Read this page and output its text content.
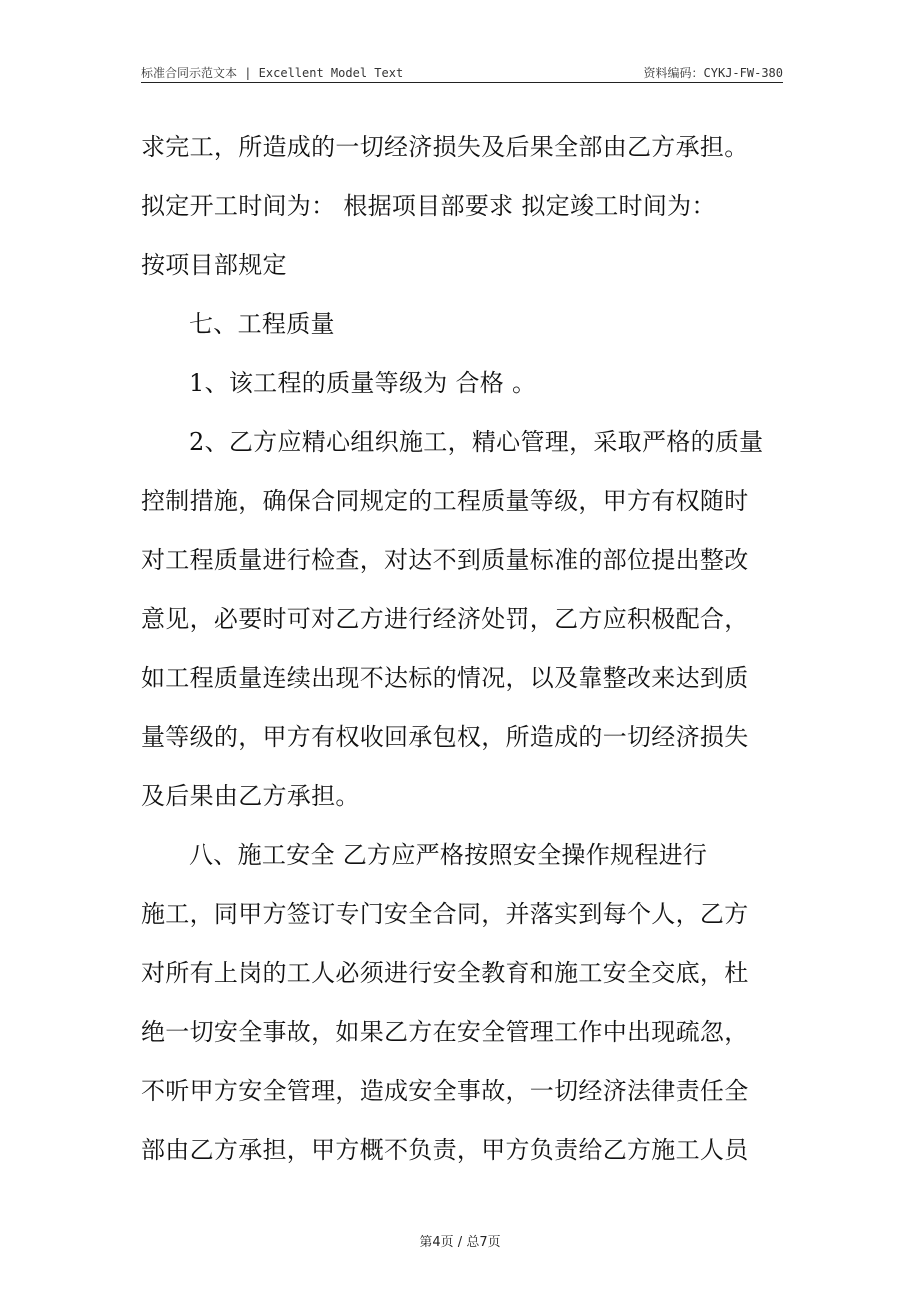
标准合同示范文本 | Excellent Model Text	资料编码：CYKJ-FW-380

求完工，所造成的一切经济损失及后果全部由乙方承担。

拟定开工时间为： 根据项目部要求 拟定竣工时间为：

按项目部规定

七、工程质量

1、该工程的质量等级为 合格 。

2、乙方应精心组织施工，精心管理，采取严格的质量

控制措施，确保合同规定的工程质量等级，甲方有权随时

对工程质量进行检查，对达不到质量标准的部位提出整改

意见，必要时可对乙方进行经济处罚，乙方应积极配合，

如工程质量连续出现不达标的情况，以及靠整改来达到质

量等级的，甲方有权收回承包权，所造成的一切经济损失

及后果由乙方承担。

八、施工安全 乙方应严格按照安全操作规程进行

施工，同甲方签订专门安全合同，并落实到每个人，乙方

对所有上岗的工人必须进行安全教育和施工安全交底，杜

绝一切安全事故，如果乙方在安全管理工作中出现疏忽，

不听甲方安全管理，造成安全事故，一切经济法律责任全

部由乙方承担，甲方概不负责，甲方负责给乙方施工人员

第4页 / 总7页
